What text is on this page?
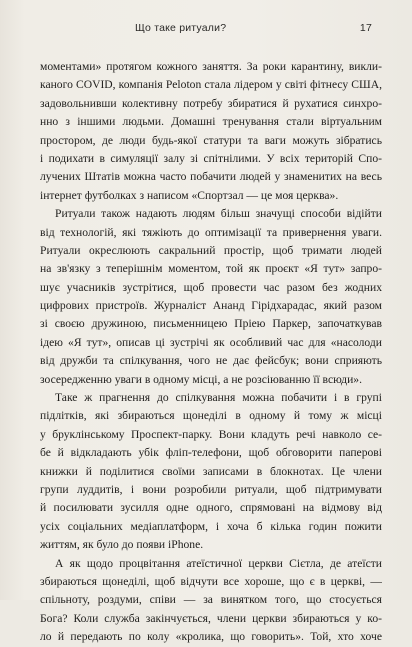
Що таке ритуали?	17
моментами» протягом кожного заняття. За роки карантину, викли-
каного COVID, компанія Peloton стала лідером у світі фітнесу США,
задовольнивши колективну потребу збиратися й рухатися синхро-
нно з іншими людьми. Домашні тренування стали віртуальним
простором, де люди будь-якої статури та ваги можуть зібратись
і подихати в симуляції залу зі спітнілими. У всіх територій Спо-
лучених Штатів можна часто побачити людей у знаменитих на весь
інтернет футболках з написом «Спортзал — це моя церква».
Ритуали також надають людям більш значущі способи відійти
від технологій, які тяжіють до оптимізації та привернення уваги.
Ритуали окреслюють сакральний простір, щоб тримати людей
на зв'язку з теперішнім моментом, той як проєкт «Я тут» запро-
шує учасників зустрітися, щоб провести час разом без жодних
цифрових пристроїв. Журналіст Ананд Гірідхарадас, який разом
зі своєю дружиною, письменницею Пріею Паркер, започаткував
ідею «Я тут», описав ці зустрічі як особливий час для «насолоди
від дружби та спілкування, чого не дає фейсбук; вони сприяють
зосередженню уваги в одному місці, а не розсіюванню її всюди».
Таке ж прагнення до спілкування можна побачити і в групі
підлітків, які збираються щонеділі в одному й тому ж місці
у бруклінському Проспект-парку. Вони кладуть речі навколо се-
бе й відкладають убік фліп-телефони, щоб обговорити паперові
книжки й поділитися своїми записами в блокнотах. Це члени
групи луддитів, і вони розробили ритуали, щоб підтримувати
й посилювати зусилля одне одного, спрямовані на відмову від
усіх соціальних медіаплатформ, і хоча б кілька годин пожити
життям, як було до появи iPhone.
А як щодо процвітання атеїстичної церкви Сієтла, де атеїсти
збираються щонеділі, щоб відчути все хороше, що є в церкві, —
спільноту, роздуми, співи — за винятком того, що стосується
Бога? Коли служба закінчується, члени церкви збираються у ко-
ло й передають по колу «кролика, що говорить». Той, хто хоче
